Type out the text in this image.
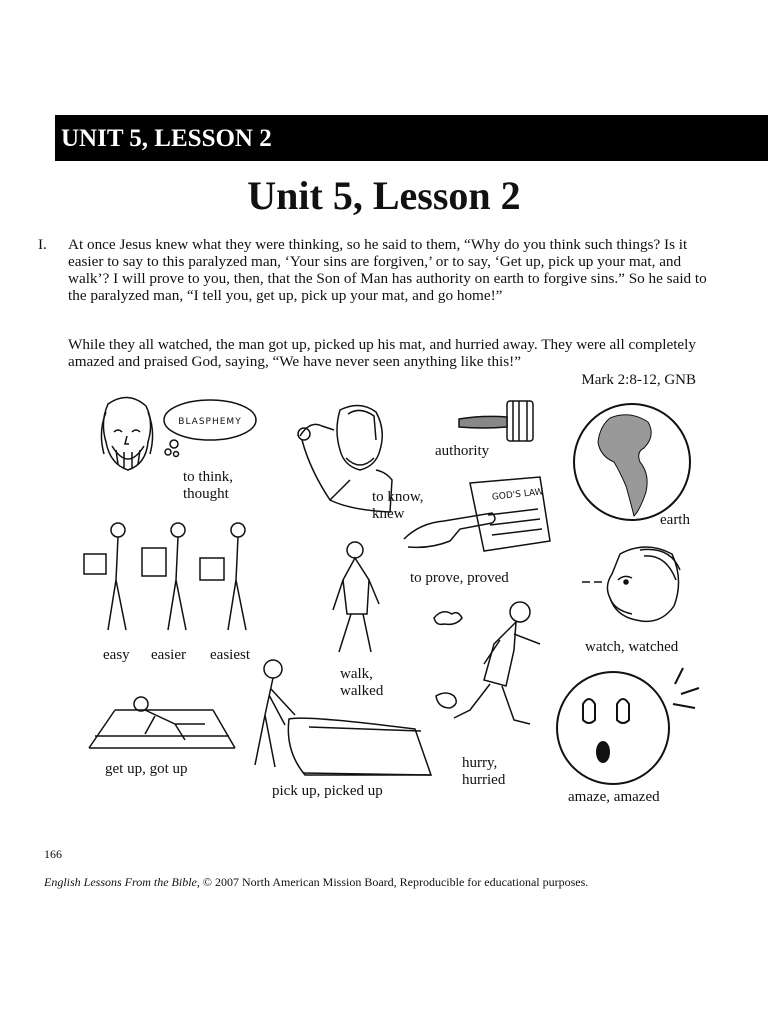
UNIT 5, LESSON 2
Unit 5, Lesson 2
I. At once Jesus knew what they were thinking, so he said to them, “Why do you think such things? Is it easier to say to this paralyzed man, ‘Your sins are forgiven,’ or to say, ‘Get up, pick up your mat, and walk’? I will prove to you, then, that the Son of Man has authority on earth to forgive sins.” So he said to the paralyzed man, “I tell you, get up, pick up your mat, and go home!”

While they all watched, the man got up, picked up his mat, and hurried away. They were all completely amazed and praised God, saying, “We have never seen anything like this!”

Mark 2:8-12, GNB
BLASPHEMY
to think,
thought	to know,
knew
authority
earth
GOD'S LAW
to prove, proved
easy easier easiest
walk,
walked
watch, watched
hurry,
hurried
amaze, amazed
get up, got up
pick up, picked up
166
English Lessons From the Bible, © 2007 North American Mission Board, Reproducible for educational purposes.
